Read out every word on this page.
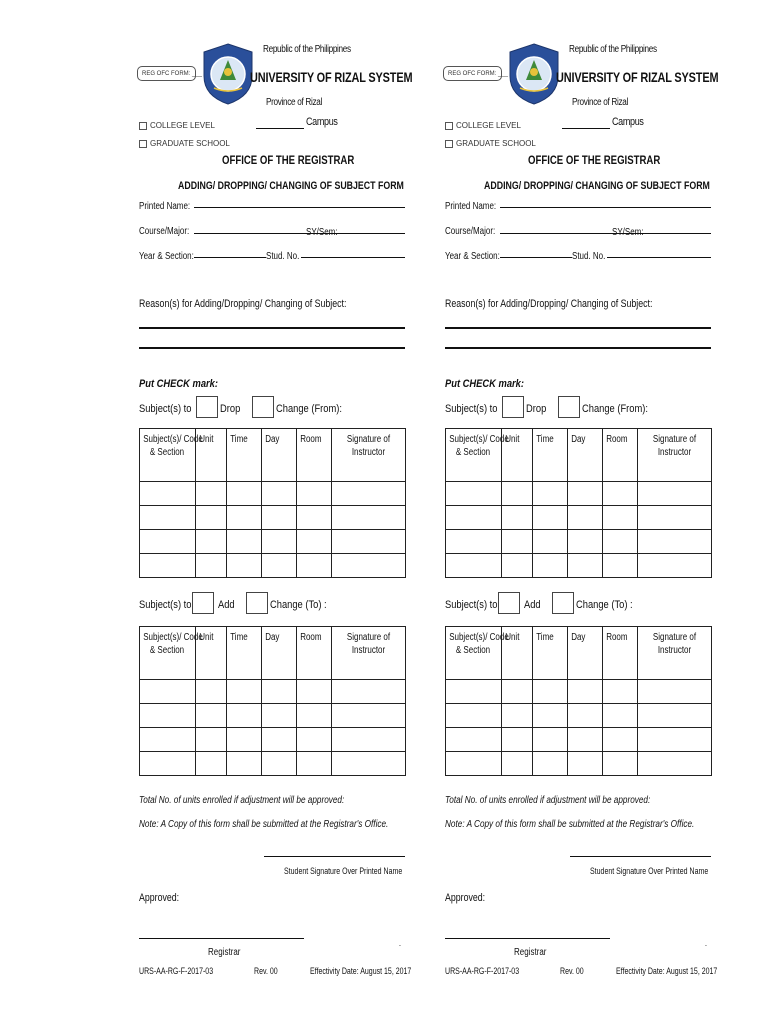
Republic of the Philippines
REG OFC FORM: ___	UNIVERSITY OF RIZAL SYSTEM
Province of Rizal
Campus
COLLEGE LEVEL
GRADUATE SCHOOL
OFFICE OF THE REGISTRAR
ADDING/ DROPPING/ CHANGING OF SUBJECT FORM
Printed Name:
Course/Major:	SY/Sem:
Year & Section:	Stud. No.
Reason(s) for Adding/Dropping/ Changing of Subject:
Put CHECK mark:
Subject(s) to	Drop	Change (From):
Subject(s)/ Code
& Section	Unit	Time	Day	Room	Signature of
Instructor

Subject(s) to Add	Change (To) :
Subject(s)/ Code
& Section	Unit	Time	Day	Room	Signature of
Instructor

Total No. of units enrolled if adjustment will be approved:
Note: A Copy of this form shall be submitted at the Registrar's Office.
Student Signature Over Printed Name
Approved:
.
Registrar
URS-AA-RG-F-2017-03	Rev. 00	Effectivity Date: August 15, 2017
Republic of the Philippines
REG OFC FORM: ___	UNIVERSITY OF RIZAL SYSTEM
Province of Rizal
Campus
COLLEGE LEVEL
GRADUATE SCHOOL
OFFICE OF THE REGISTRAR
ADDING/ DROPPING/ CHANGING OF SUBJECT FORM
Printed Name:
Course/Major:	SY/Sem:
Year & Section:	Stud. No.
Reason(s) for Adding/Dropping/ Changing of Subject:
Put CHECK mark:
Subject(s) to	Drop	Change (From):
Subject(s)/ Code
& Section	Unit	Time	Day	Room	Signature of
Instructor

Subject(s) to Add	Change (To) :
Subject(s)/ Code
& Section	Unit	Time	Day	Room	Signature of
Instructor

Total No. of units enrolled if adjustment will be approved:
Note: A Copy of this form shall be submitted at the Registrar's Office.
Student Signature Over Printed Name
Approved:
.
Registrar
URS-AA-RG-F-2017-03	Rev. 00	Effectivity Date: August 15, 2017
